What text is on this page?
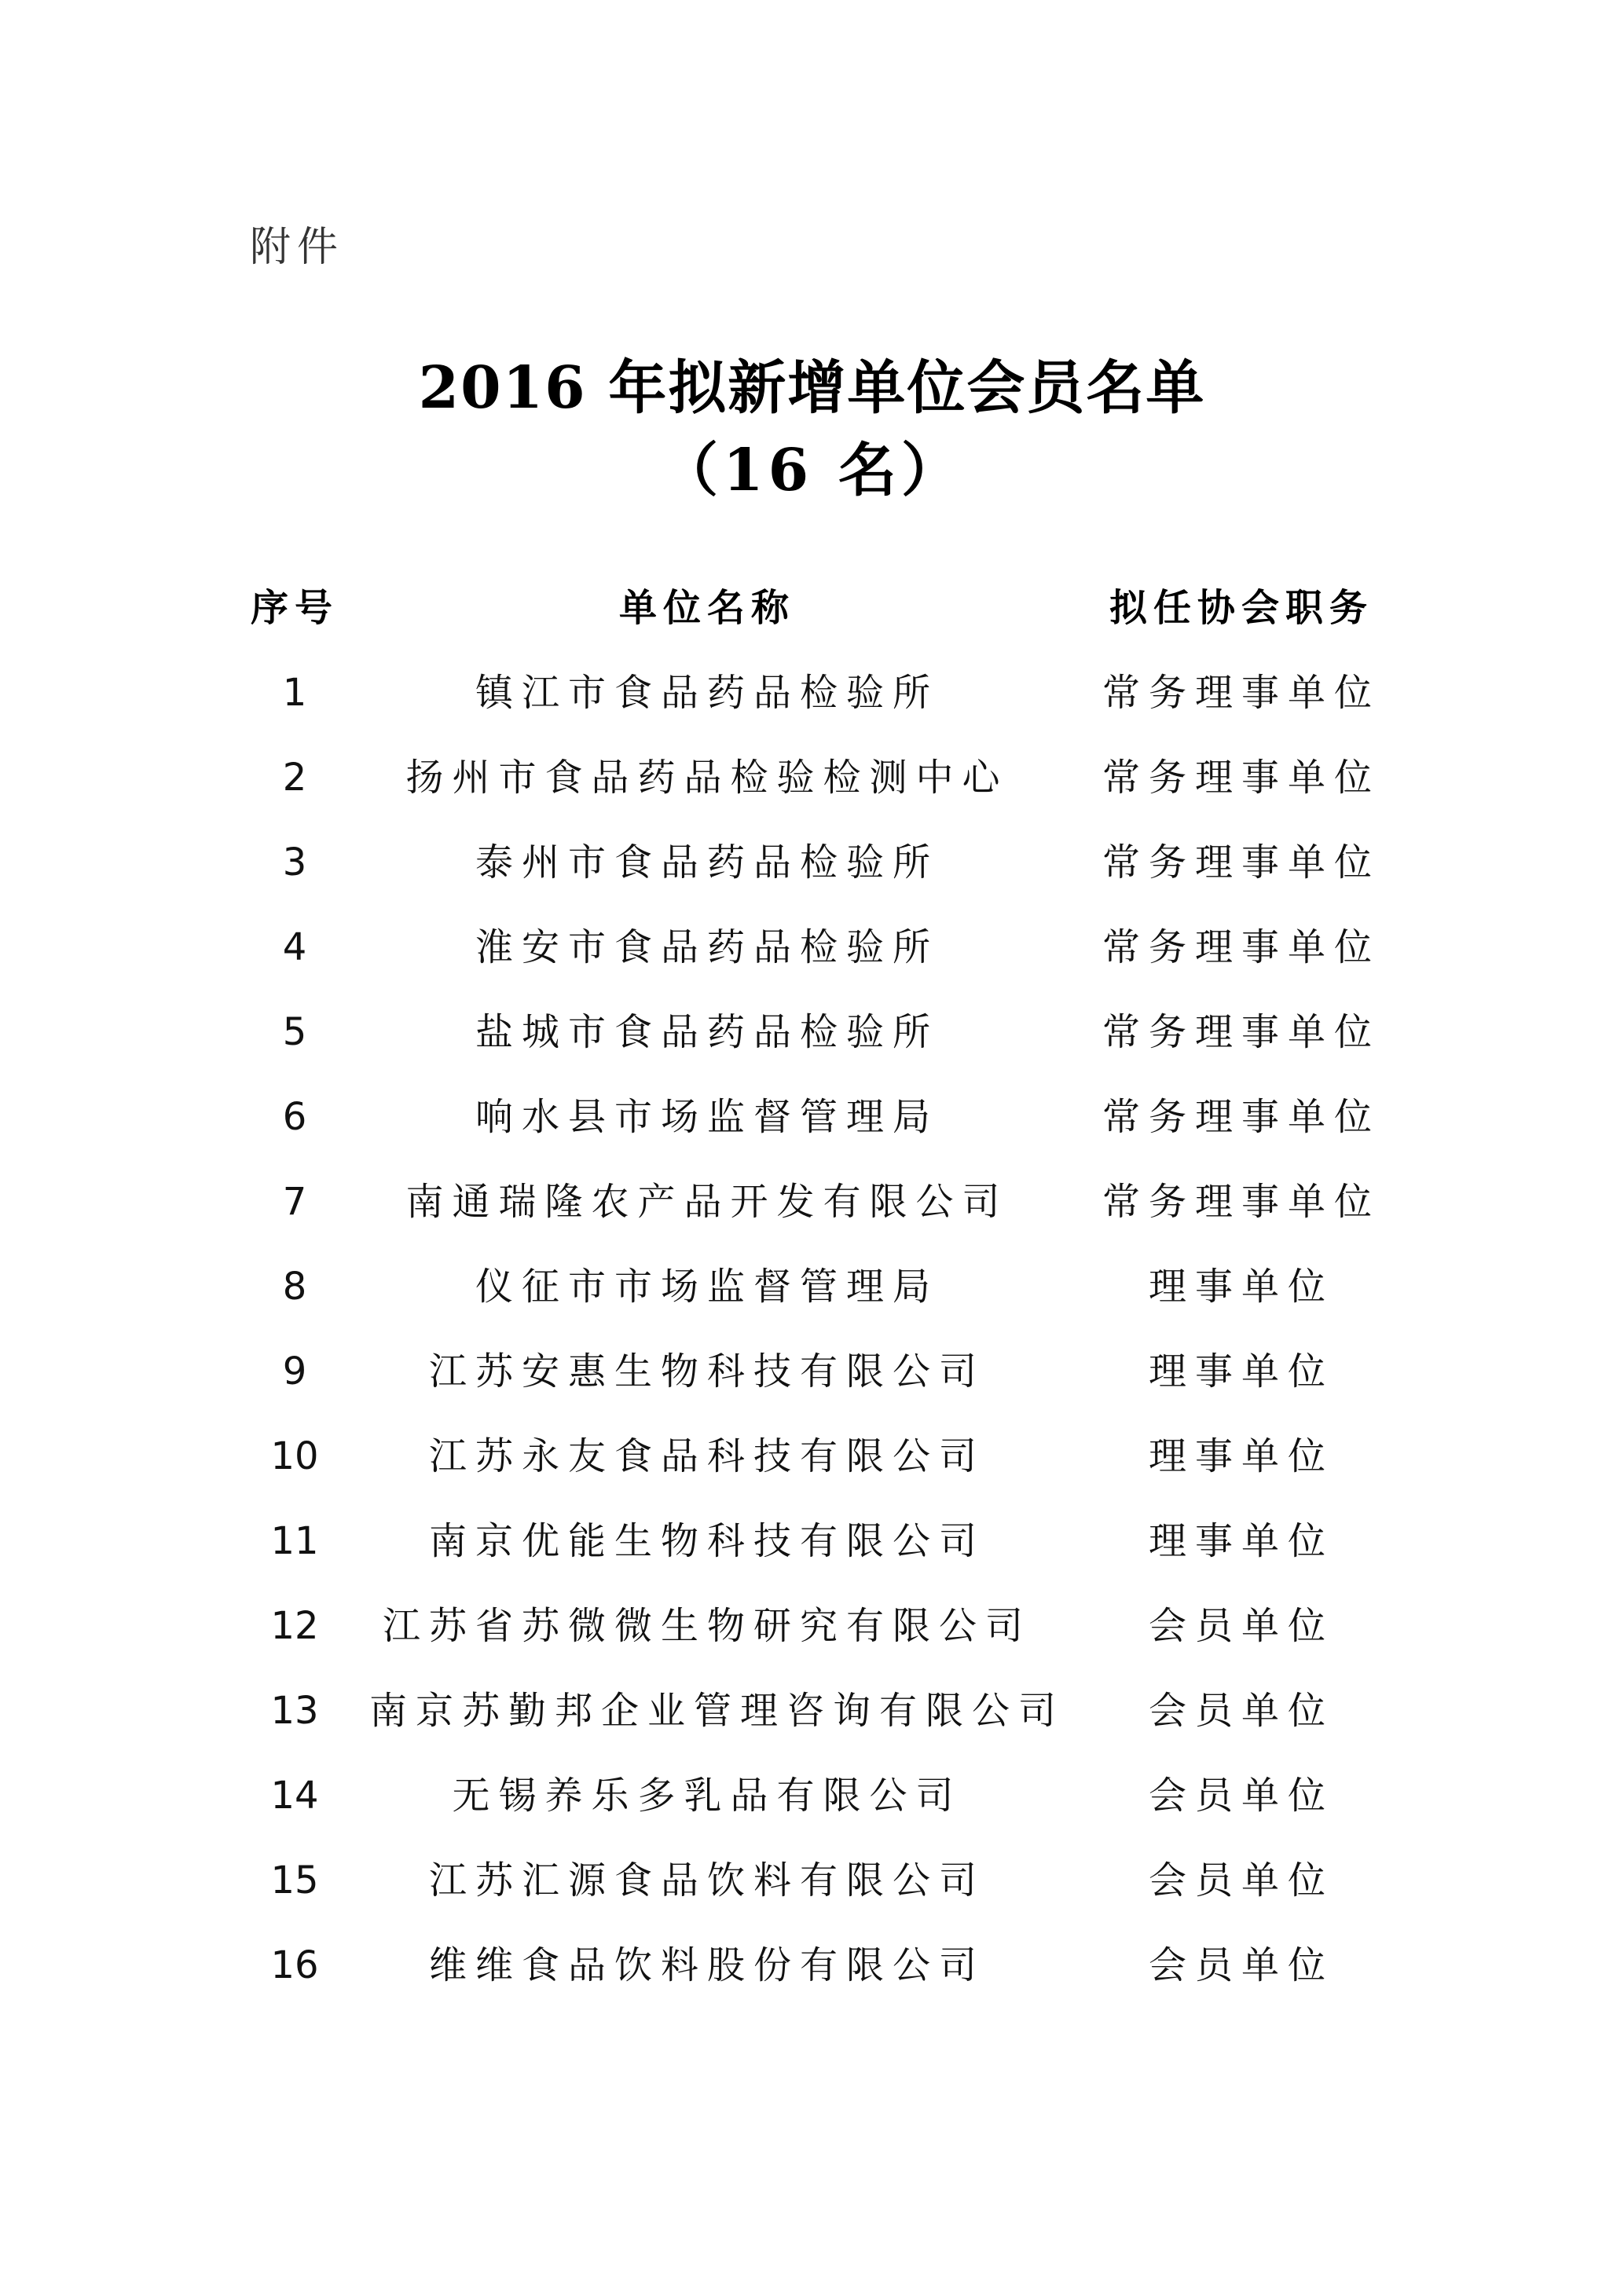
附件
2016 年拟新增单位会员名单
（16 名）
序号	单位名称	拟任协会职务
1	镇江市食品药品检验所	常务理事单位
2	扬州市食品药品检验检测中心	常务理事单位
3	泰州市食品药品检验所	常务理事单位
4	淮安市食品药品检验所	常务理事单位
5	盐城市食品药品检验所	常务理事单位
6	响水县市场监督管理局	常务理事单位
7	南通瑞隆农产品开发有限公司	常务理事单位
8	仪征市市场监督管理局	理事单位
9	江苏安惠生物科技有限公司	理事单位
10	江苏永友食品科技有限公司	理事单位
11	南京优能生物科技有限公司	理事单位
12	江苏省苏微微生物研究有限公司	会员单位
13	南京苏勤邦企业管理咨询有限公司	会员单位
14	无锡养乐多乳品有限公司	会员单位
15	江苏汇源食品饮料有限公司	会员单位
16	维维食品饮料股份有限公司	会员单位
